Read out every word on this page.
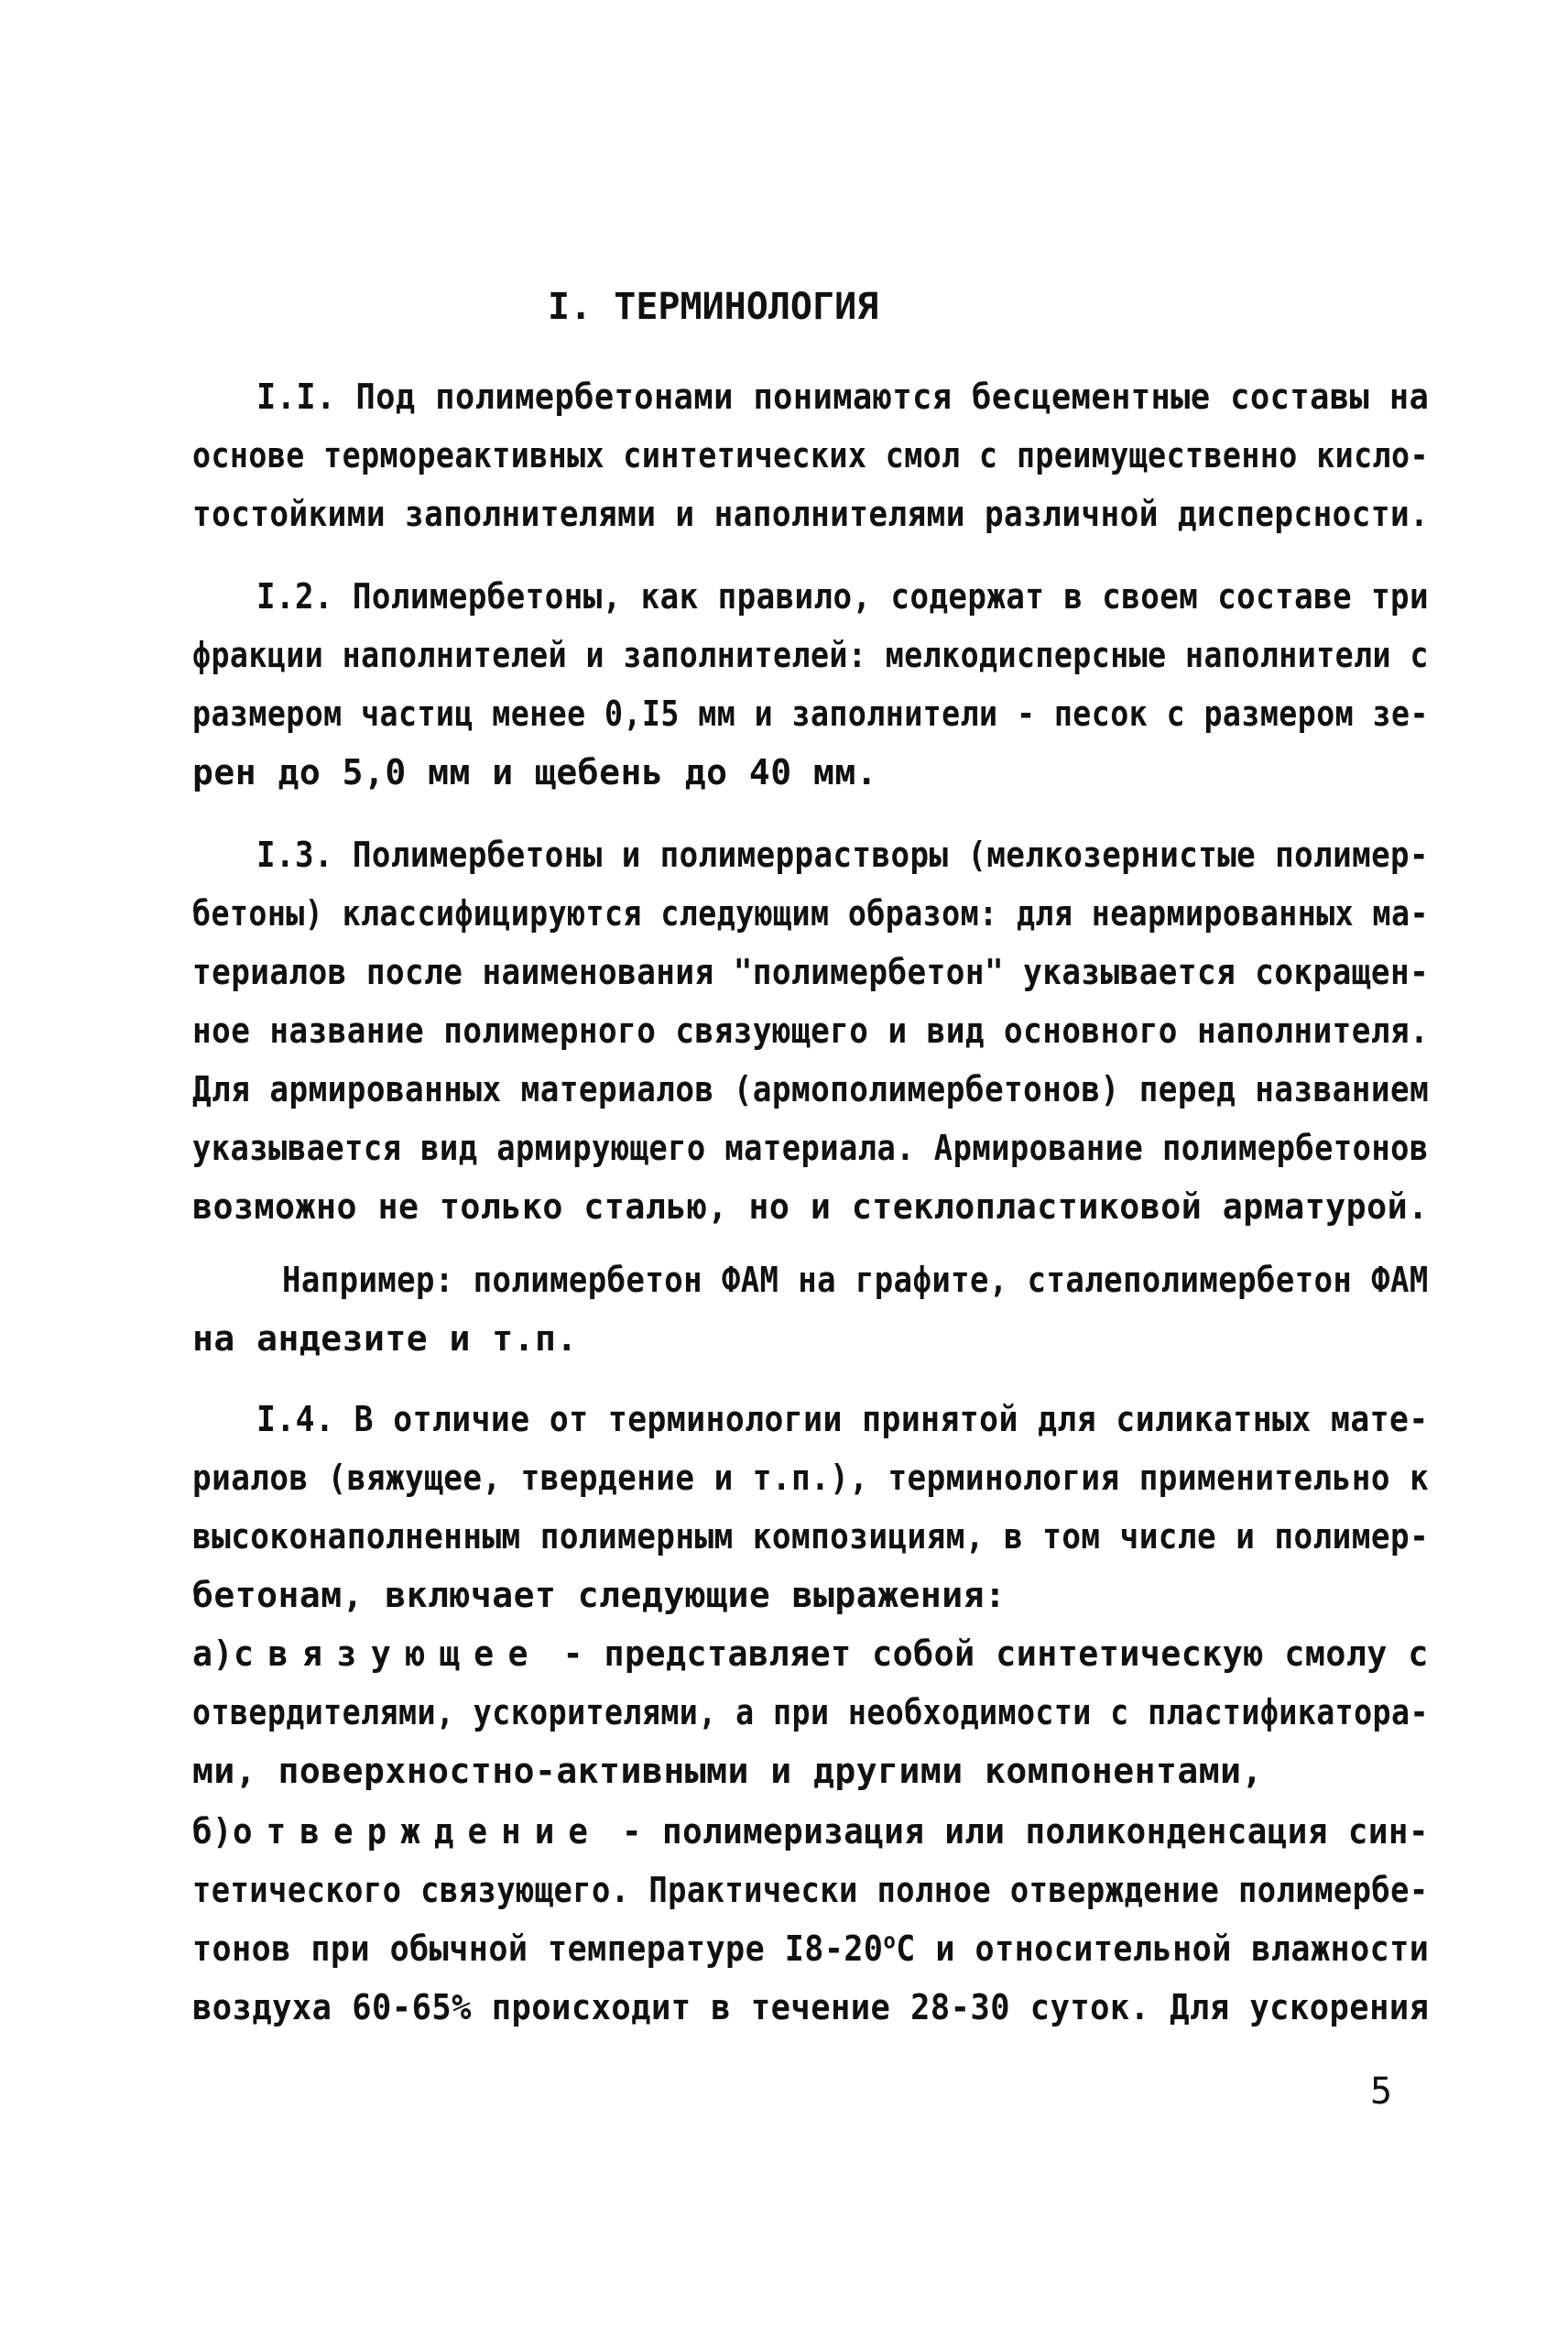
I. ТЕРМИНОЛОГИЯ
I.I. Под полимербетонами понимаются бесцементные составы на
основе термореактивных синтетических смол с преимущественно кисло-
тостойкими заполнителями и наполнителями различной дисперсности.
I.2. Полимербетоны, как правило, содержат в своем составе три
фракции наполнителей и заполнителей: мелкодисперсные наполнители с
размером частиц менее 0,I5 мм и заполнители - песок с размером зе-
рен до 5,0 мм и щебень до 40 мм.
I.3. Полимербетоны и полимеррастворы (мелкозернистые полимер-
бетоны) классифицируются следующим образом: для неармированных ма-
териалов после наименования "полимербетон" указывается сокращен-
ное название полимерного связующего и вид основного наполнителя.
Для армированных материалов (армополимербетонов) перед названием
указывается вид армирующего материала. Армирование полимербетонов
возможно не только сталью, но и стеклопластиковой арматурой.
Например: полимербетон ФАМ на графите, сталеполимербетон ФАМ
на андезите и т.п.
I.4. В отличие от терминологии принятой для силикатных мате-
риалов (вяжущее, твердение и т.п.), терминология применительно к
высоконаполненным полимерным композициям, в том числе и полимер-
бетонам, включает следующие выражения:
а)связующее - представляет собой синтетическую смолу с
отвердителями, ускорителями, а при необходимости с пластификатора-
ми, поверхностно-активными и другими компонентами,
б)отверждение - полимеризация или поликонденсация син-
тетического связующего. Практически полное отверждение полимербе-
тонов при обычной температуре I8-20$^o$С и относительной влажности
воздуха 60-65% происходит в течение 28-30 суток. Для ускорения
5
